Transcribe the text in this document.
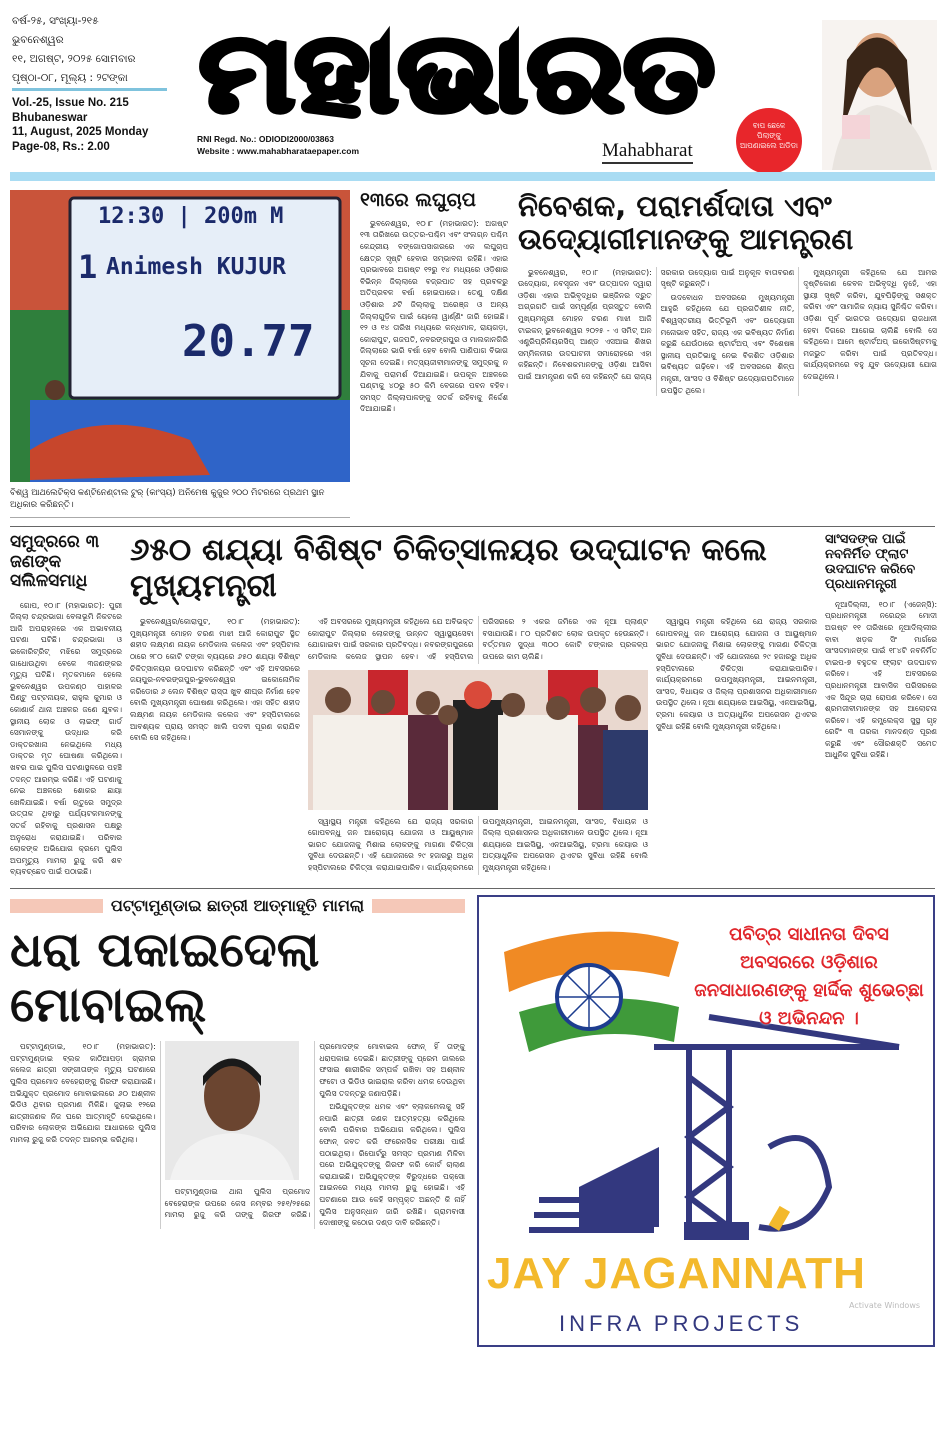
ବର୍ଷ-୨୫, ସଂଖ୍ୟା-୨୧୫
ଭୁବନେଶ୍ୱର
୧୧, ଅଗଷ୍ଟ, ୨୦୨୫ ସୋମବାର
ପୃଷ୍ଠା-୦୮, ମୂଲ୍ୟ : ୨ଟଙ୍କା
Vol.-25, Issue No. 215
Bhubaneswar
11, August, 2025 Monday
Page-08, Rs.: 2.00
ମହାଭାରତ
RNI Regd. No.: ODIODI2000/03863
Website : www.mahabharataepaper.com	Mahabharat
ବାପ ଛେଳେ ପିଲାଙ୍କୁ ଆପଣାଇଲେ ଅଡିଡା
12:30 | 200m M
1 Animesh KUJUR
20.77
ବିଶ୍ୱ ଆଥଲେଟିକ୍ସ କଣ୍ଟିନେଣ୍ଟାଲ ଟୁର୍ (କାଂସ୍ୟ) ଅନିମେଷ କୁଜୁର ୨୦୦ ମିଟରରେ ପ୍ରଥମ ସ୍ଥାନ ଅଧିକାର କରିଛନ୍ତି।
୧୩ରେ ଲଘୁଚାପ

ଭୁବନେଶ୍ୱର, ୧୦।୮ (ମହାଭାରତ): ଅଗଷ୍ଟ ୧୩ ତାରିଖରେ ଉତ୍ତର-ପଶ୍ଚିମ ଏବଂ ସଂଲଗ୍ନ ପଶ୍ଚିମ କେନ୍ଦ୍ରୀୟ ବଙ୍ଗୋପସାଗରରେ ଏକ ଲଘୁଚାପ କ୍ଷେତ୍ର ସୃଷ୍ଟି ହେବାର ସମ୍ଭାବନା ରହିଛି। ଏହାର ପ୍ରଭାବରେ ଅଗଷ୍ଟ ୧୨ରୁ ୧୪ ମଧ୍ୟରେ ଓଡ଼ିଶାର ବିଭିନ୍ନ ଜିଲ୍ଲାରେ ବଜ୍ରପାତ ସହ ପ୍ରବଳରୁ ଅତିପ୍ରବଳ ବର୍ଷା ହୋଇପାରେ। ତେଣୁ ଦକ୍ଷିଣ ଓଡ଼ିଶାର ୬ଟି ଜିଲ୍ଲାକୁ ଅରେଞ୍ଜ ଓ ଅନ୍ୟ ଜିଲ୍ଲାଗୁଡ଼ିକ ପାଇଁ ୟେଲୋ ୱାର୍ଣ୍ଣିଂ ଜାରି ହୋଇଛି। ୧୨ ଓ ୧୪ ତାରିଖ ମଧ୍ୟରେ କନ୍ଧମାଳ, ରାୟଗଡ଼ା, କୋରାପୁଟ, ଗଜପତି, ନବରଙ୍ଗପୁର ଓ ମାଲକାନଗିରି ଜିଲ୍ଲାରେ ଭାରି ବର୍ଷା ହେବ ବୋଲି ପାଣିପାଗ ବିଭାଗ ସୂଚନା ଦେଇଛି। ମତ୍ସ୍ୟଜୀବୀମାନଙ୍କୁ ସମୁଦ୍ରକୁ ନ ଯିବାକୁ ପରାମର୍ଶ ଦିଆଯାଇଛି। ଉପକୂଳ ଅଞ୍ଚଳରେ ଘଣ୍ଟାକୁ ୪୦ରୁ ୫୦ କିମି ବେଗରେ ପବନ ବହିବ। ସମସ୍ତ ଜିଲ୍ଲାପାଳଙ୍କୁ ସତର୍କ ରହିବାକୁ ନିର୍ଦ୍ଦେଶ ଦିଆଯାଇଛି।

ନିବେଶକ, ପରାମର୍ଶଦାତା ଏବଂ ଉଦ୍ୟୋଗୀମାନଙ୍କୁ ଆମନ୍ତ୍ରଣ

ଭୁବନେଶ୍ୱର, ୧୦।୮ (ମହାଭାରତ): ଉଦ୍ୟୋଗ, ନବସୃଜନ ଏବଂ ଉତ୍ପାଦନ ଦ୍ୱାରା ଓଡ଼ିଶା ଏହାର ଅଭିବୃଦ୍ଧିର ଇଞ୍ଜିନର ଦ୍ରୁତ ଅଗ୍ରଗତି ପାଇଁ ସମ୍ପୂର୍ଣ୍ଣ ପ୍ରସ୍ତୁତ ବୋଲି ମୁଖ୍ୟମନ୍ତ୍ରୀ ମୋହନ ଚରଣ ମାଝୀ ଆଜି ଟାଇକନ୍ ଭୁବନେଶ୍ୱର ୨୦୨୫ - ଏ ସମିଟ୍ ଅନ ଏଣ୍ଟ୍ରିପ୍ରିନିୟରସିପ୍ ଆଣ୍ଡ ଏସଆଇ ଶିଖର ସମ୍ମିଳନୀର ଉଦଘାଟନୀ ସମାରୋହରେ ଏହା କହିଛନ୍ତି। ନିବେଶକମାନଙ୍କୁ ଓଡ଼ିଶା ଆସିବା ପାଇଁ ଆମନ୍ତ୍ରଣ କରି ସେ କହିଛନ୍ତି ଯେ ରାଜ୍ୟ ସରକାର ଉଦ୍ୟୋଗ ପାଇଁ ଅନୁକୂଳ ବାତାବରଣ ସୃଷ୍ଟି କରୁଛନ୍ତି।

ଉଦବୋଧନ ଅବସରରେ ମୁଖ୍ୟମନ୍ତ୍ରୀ ଆହୁରି କହିଥିଲେ ଯେ ପ୍ରଗତିଶୀଳ ନୀତି, ବିଶ୍ୱସ୍ତରୀୟ ଭିତ୍ତିଭୂମି ଏବଂ ଉଦ୍ୟୋଗୀ ମନୋଭାବ ସହିତ, ରାଜ୍ୟ ଏକ ଭବିଷ୍ୟତ ନିର୍ମାଣ କରୁଛି ଯେଉଁଠାରେ ଷ୍ଟାର୍ଟଅପ୍ ଏବଂ ବିଶେଷଜ୍ଞ ସ୍ଥାନୀୟ ପ୍ରତିଭାକୁ ନେଇ ବିକଶିତ ଓଡ଼ିଶାର ଭବିଷ୍ୟତ ଗଢ଼ିବେ। ଏହି ଅବସରରେ ଶିଳ୍ପ ମନ୍ତ୍ରୀ, ସାଂସଦ ଓ ବିଶିଷ୍ଟ ଉଦ୍ୟୋଗପତିମାନେ ଉପସ୍ଥିତ ଥିଲେ।

ମୁଖ୍ୟମନ୍ତ୍ରୀ କହିଥିଲେ ଯେ ଆମର ଦୃଷ୍ଟିକୋଣ କେବଳ ଅଭିବୃଦ୍ଧି ନୁହେଁ, ଏହା ସ୍ଥାୟୀ ସୃଷ୍ଟି କରିବା, ଯୁବପିଢ଼ିଙ୍କୁ ସଶକ୍ତ କରିବା ଏବଂ ସାମାଜିକ ନ୍ୟାୟ ସୁନିଶ୍ଚିତ କରିବା। ଓଡ଼ିଶା ପୂର୍ବ ଭାରତର ଉଦ୍ୟୋଗ ରାଜଧାନୀ ହେବା ଦିଗରେ ଆଗେଇ ଚାଲିଛି ବୋଲି ସେ କହିଥିଲେ। ଆମେ ଷ୍ଟାର୍ଟଅପ୍ ଇକୋସିଷ୍ଟମକୁ ମଜଭୁତ କରିବା ପାଇଁ ପ୍ରତିବଦ୍ଧ। କାର୍ଯ୍ୟକ୍ରମରେ ବହୁ ଯୁବ ଉଦ୍ୟୋଗୀ ଯୋଗ ଦେଇଥିଲେ।

ସମୁଦ୍ରରେ ୩ ଜଣଙ୍କ ସଲିଳସମାଧି

ଗୋପ, ୧୦।୮ (ମହାଭାରତ): ପୁରୀ ଜିଲ୍ଲା ଚନ୍ଦ୍ରଭାଗା ବେଳାଭୂମି ନିକଟରେ ଆଜି ଅପରାହ୍ନରେ ଏକ ଅଭାବନୀୟ ଘଟଣା ଘଟିଛି। ଚନ୍ଦ୍ରଭାଗା ଓ ଇକୋରିଟ୍ରିଟ୍ ମଝିରେ ସମୁଦ୍ରରେ ଗାଧୋଉଥିବା ବେଳେ ୩ଜଣଙ୍କର ମୃତ୍ୟୁ ଘଟିଛି। ମୃତକମାନେ ହେଲେ ଭୁବନେଶ୍ୱର ଉପକଣ୍ଠ ପାହାଳର ପିଣ୍ଟୁ ପଟ୍ଟନାୟକ, ରାହୁଲ କୁମାର ଓ କୋଣାର୍କ ଥାନା ଅଞ୍ଚଳର ଜଣେ ଯୁବକ। ସ୍ଥାନୀୟ ଲୋକ ଓ ଲାଇଫ୍ ଗାର୍ଡ ସେମାନଙ୍କୁ ଉଦ୍ଧାର କରି ଡାକ୍ତରଖାନା ନେଇଥିଲେ ମଧ୍ୟ ଡାକ୍ତର ମୃତ ଘୋଷଣା କରିଥିଲେ। ଖବର ପାଇ ପୁଲିସ ଘଟଣାସ୍ଥଳରେ ପହଞ୍ଚି ତଦନ୍ତ ଆରମ୍ଭ କରିଛି। ଏହି ଘଟଣାକୁ ନେଇ ଅଞ୍ଚଳରେ ଶୋକର ଛାୟା ଖେଳିଯାଇଛି। ବର୍ଷା ଋତୁରେ ସମୁଦ୍ର ଉତ୍ତାଳ ଥିବାରୁ ପର୍ଯ୍ୟଟକମାନଙ୍କୁ ସତର୍କ ରହିବାକୁ ପ୍ରଶାସନ ପକ୍ଷରୁ ଅନୁରୋଧ କରାଯାଇଛି। ପରିବାର ଲୋକଙ୍କ ଅଭିଯୋଗ କ୍ରମେ ପୁଲିସ ଅପମୃତ୍ୟୁ ମାମଲା ରୁଜୁ କରି ଶବ ବ୍ୟବଚ୍ଛେଦ ପାଇଁ ପଠାଇଛି।

୬୫୦ ଶଯ୍ୟା ବିଶିଷ୍ଟ ଚିକିତ୍ସାଳୟର ଉଦ୍‌ଘାଟନ କଲେ ମୁଖ୍ୟମନ୍ତ୍ରୀ

ଭୁବନେଶ୍ୱର/କୋରାପୁଟ, ୧୦।୮ (ମହାଭାରତ): ମୁଖ୍ୟମନ୍ତ୍ରୀ ମୋହନ ଚରଣ ମାଝୀ ଆଜି କୋରାପୁଟ ସ୍ଥିତ ଶହୀଦ ଲକ୍ଷ୍ମଣ ନାୟକ ମେଡିକାଲ କଲେଜ ଏବଂ ହସ୍ପିଟାଲ ଠାରେ ୨୮୦ କୋଟି ଟଙ୍କା ବ୍ୟୟରେ ୬୫୦ ଶଯ୍ୟା ବିଶିଷ୍ଟ ଚିକିତ୍ସାଳୟର ଉଦଘାଟନ କରିଛନ୍ତି ଏବଂ ଏହି ଅବସରରେ ଜୟପୁର-ନବରଙ୍ଗପୁର-ଭୁବନେଶ୍ୱର ଇକୋନୋମିକ କରିଡୋର ୬ ଲେନ ବିଶିଷ୍ଟ ରାସ୍ତା ଖୁବ ଶୀଘ୍ର ନିର୍ମାଣ ହେବ ବୋଲି ମୁଖ୍ୟମନ୍ତ୍ରୀ ଘୋଷଣା କରିଥିଲେ। ଏହା ସହିତ ଶହୀଦ ଲକ୍ଷ୍ମଣ ନାୟକ ମେଡିକାଲ କଲେଜ ଏବଂ ହସ୍ପିଟାଲରେ ଆବଶ୍ୟକ ପ୍ରାୟ ସମସ୍ତ ଖାଲି ପଦବୀ ପୂରଣ କରାଯିବ ବୋଲି ସେ କହିଥିଲେ।

ଏହି ଅବସରରେ ମୁଖ୍ୟମନ୍ତ୍ରୀ କହିଥିଲେ ଯେ ଅବିଭକ୍ତ କୋରାପୁଟ ଜିଲ୍ଲାର ଲୋକଙ୍କୁ ଉନ୍ନତ ସ୍ୱାସ୍ଥ୍ୟସେବା ଯୋଗାଇବା ପାଇଁ ସରକାର ପ୍ରତିବଦ୍ଧ। ନବରଙ୍ଗପୁରରେ ମେଡିକାଲ କଲେଜ ସ୍ଥାପନ ହେବ। ଏହି ହସ୍ପିଟାଲ ପରିସରରେ ୨ ଏକର ଜମିରେ ଏକ ନୂଆ ପ୍ଲାଣ୍ଟ ବସାଯାଉଛି। ୮୦ ପ୍ରତିଶତ ଲୋକ ଉପକୃତ ହେଉଛନ୍ତି। ବର୍ତ୍ତମାନ ସୁଦ୍ଧା ୩୦୦ କୋଟି ଟଙ୍କାର ପ୍ରକଳ୍ପ ଉପରେ କାମ ଚାଲିଛି।

ସ୍ୱାସ୍ଥ୍ୟ ମନ୍ତ୍ରୀ କହିଥିଲେ ଯେ ରାଜ୍ୟ ସରକାର ଗୋପବନ୍ଧୁ ଜନ ଆରୋଗ୍ୟ ଯୋଜନା ଓ ଆୟୁଷ୍ମାନ ଭାରତ ଯୋଜନାକୁ ମିଶାଇ ଲୋକଙ୍କୁ ମାଗଣା ଚିକିତ୍ସା ସୁବିଧା ଦେଉଛନ୍ତି। ଏହି ଯୋଜନାରେ ୨୯ ହଜାରରୁ ଅଧିକ ହସ୍ପିଟାଲରେ ଚିକିତ୍ସା କରାଯାଇପାରିବ। କାର୍ଯ୍ୟକ୍ରମରେ ଉପମୁଖ୍ୟମନ୍ତ୍ରୀ, ଆଇନମନ୍ତ୍ରୀ, ସାଂସଦ, ବିଧାୟକ ଓ ଜିଲ୍ଲା ପ୍ରଶାସନର ଅଧିକାରୀମାନେ ଉପସ୍ଥିତ ଥିଲେ। ନୂଆ ଶଯ୍ୟାରେ ଆଇସିୟୁ, ଏନଆଇସିୟୁ, ଟ୍ରମା କେୟାର ଓ ଅତ୍ୟାଧୁନିକ ଅପରେସନ ଥିଏଟର ସୁବିଧା ରହିଛି ବୋଲି ମୁଖ୍ୟମନ୍ତ୍ରୀ କହିଥିଲେ।

ସ୍ୱାସ୍ଥ୍ୟ ମନ୍ତ୍ରୀ କହିଥିଲେ ଯେ ରାଜ୍ୟ ସରକାର ଗୋପବନ୍ଧୁ ଜନ ଆରୋଗ୍ୟ ଯୋଜନା ଓ ଆୟୁଷ୍ମାନ ଭାରତ ଯୋଜନାକୁ ମିଶାଇ ଲୋକଙ୍କୁ ମାଗଣା ଚିକିତ୍ସା ସୁବିଧା ଦେଉଛନ୍ତି। ଏହି ଯୋଜନାରେ ୨୯ ହଜାରରୁ ଅଧିକ ହସ୍ପିଟାଲରେ ଚିକିତ୍ସା କରାଯାଇପାରିବ। କାର୍ଯ୍ୟକ୍ରମରେ ଉପମୁଖ୍ୟମନ୍ତ୍ରୀ, ଆଇନମନ୍ତ୍ରୀ, ସାଂସଦ, ବିଧାୟକ ଓ ଜିଲ୍ଲା ପ୍ରଶାସନର ଅଧିକାରୀମାନେ ଉପସ୍ଥିତ ଥିଲେ। ନୂଆ ଶଯ୍ୟାରେ ଆଇସିୟୁ, ଏନଆଇସିୟୁ, ଟ୍ରମା କେୟାର ଓ ଅତ୍ୟାଧୁନିକ ଅପରେସନ ଥିଏଟର ସୁବିଧା ରହିଛି ବୋଲି ମୁଖ୍ୟମନ୍ତ୍ରୀ କହିଥିଲେ।

ସାଂସଦଙ୍କ ପାଇଁ ନବନିର୍ମିତ ଫ୍ଲାଟ ଉଦଘାଟନ କରିବେ ପ୍ରଧାନମନ୍ତ୍ରୀ

ନୂଆଦିଲ୍ଲୀ, ୧୦।୮ (ଏଜେନ୍ସି): ପ୍ରଧାନମନ୍ତ୍ରୀ ନରେନ୍ଦ୍ର ମୋଦୀ ଅଗଷ୍ଟ ୧୧ ତାରିଖରେ ନୂଆଦିଲ୍ଲୀର ବାବା ଖଡ଼କ ସିଂ ମାର୍ଗରେ ସାଂସଦମାନଙ୍କ ପାଇଁ ୧୮୪ଟି ନବନିର୍ମିତ ଟାଇପ-୭ ବହୁତଳ ଫ୍ଲାଟ ଉଦଘାଟନ କରିବେ। ଏହି ଅବସରରେ ପ୍ରଧାନମନ୍ତ୍ରୀ ଆବାସିକ ପରିସରରେ ଏକ ସିନ୍ଦୂର ଚାରା ରୋପଣ କରିବେ। ସେ ଶ୍ରମଜୀବୀମାନଙ୍କ ସହ ଆଲୋଚନା କରିବେ। ଏହି କମ୍ପ୍ଲେକ୍ସ ସୁସ୍ଥ ଗୃହ ରେଟିଂ ୩ ତାରକା ମାନଦଣ୍ଡ ପୂରଣ କରୁଛି ଏବଂ ସୌରଶକ୍ତି ସମେତ ଆଧୁନିକ ସୁବିଧା ରହିଛି।

ପଟ୍ଟାମୁଣ୍ଡାଇ ଛାତ୍ରୀ ଆତ୍ମାହୂତି ମାମଲା
ଧରା ପକାଇଦେଲା ମୋବାଇଲ୍

ପଟ୍ଟାମୁଣ୍ଡାଇ, ୧୦।୮ (ମହାଭାରତ): ପଟ୍ଟାମୁଣ୍ଡାଇ ବ୍ଲକ କାଠିଆପଡ଼ା ଗ୍ରାମର କଲେଜ ଛାତ୍ରୀ ସଙ୍ଗୀତାଙ୍କ ମୃତ୍ୟୁ ଘଟଣାରେ ପୁଲିସ ପ୍ରମୋଦ ବେହେରାଙ୍କୁ ଗିରଫ କରାଯାଇଛି। ଅଭିଯୁକ୍ତ ପ୍ରମୋଦ ମୋବାଇଲରେ ୬୦ ଅଶ୍ଳୀଳ ଭିଡିଓ ଥିବାର ପ୍ରମାଣ ମିଳିଛି। ଜୁଲାଇ ୧୨ରେ ଛାତ୍ରୀଜଣକ ନିଜ ଘରେ ଆତ୍ମାହୂତି ଦେଇଥିଲେ। ପରିବାର ଲୋକଙ୍କ ଅଭିଯୋଗ ଆଧାରରେ ପୁଲିସ ମାମଲା ରୁଜୁ କରି ତଦନ୍ତ ଆରମ୍ଭ କରିଥିଲା।

ପଟ୍ଟାମୁଣ୍ଡାଇ ଥାନା ପୁଲିସ ପ୍ରମୋଦ ବେହେରାଙ୍କ ଉପରେ କେସ ନମ୍ବର ୨୫୧/୨୫ରେ ମାମଲା ରୁଜୁ କରି ତାଙ୍କୁ ଗିରଫ କରିଛି। ପ୍ରମୋଦଙ୍କ ମୋବାଇଲ ଫୋନ୍ ହିଁ ତାଙ୍କୁ ଧରାପକାଇ ଦେଇଛି। ଛାତ୍ରୀଙ୍କୁ ପ୍ରେମ ଜାଲରେ ଫସାଇ ଶାରୀରିକ ସମ୍ପର୍କ ରଖିବା ସହ ଅଶ୍ଳୀଳ ଫଟୋ ଓ ଭିଡିଓ ଭାଇରାଲ କରିବା ଧମକ ଦେଉଥିବା ପୁଲିସ ତଦନ୍ତରୁ ଜଣାପଡ଼ିଛି।

ଅଭିଯୁକ୍ତଙ୍କ ଧମକ ଏବଂ ବ୍ଲାକମେଲକୁ ସହି ନପାରି ଛାତ୍ରୀ ଜଣକ ଆତ୍ମହତ୍ୟା କରିଥିଲେ ବୋଲି ପରିବାର ଅଭିଯୋଗ କରିଥିଲେ। ପୁଲିସ ଫୋନ୍ ଜବତ କରି ଫରେନସିକ ପରୀକ୍ଷା ପାଇଁ ପଠାଇଥିଲା। ରିପୋର୍ଟରୁ ସମସ୍ତ ପ୍ରମାଣ ମିଳିବା ପରେ ଅଭିଯୁକ୍ତଙ୍କୁ ଗିରଫ କରି କୋର୍ଟ ଚାଲାଣ କରାଯାଇଛି। ଅଭିଯୁକ୍ତଙ୍କ ବିରୁଦ୍ଧରେ ପକ୍ସୋ ଆଇନରେ ମଧ୍ୟ ମାମଲା ରୁଜୁ ହୋଇଛି। ଏହି ଘଟଣାରେ ଆଉ କେହି ସମ୍ପୃକ୍ତ ଅଛନ୍ତି କି ନାହିଁ ପୁଲିସ ଅନୁସନ୍ଧାନ ଜାରି ରଖିଛି। ଗ୍ରାମବାସୀ ଦୋଷୀଙ୍କୁ କଠୋର ଦଣ୍ଡ ଦାବି କରିଛନ୍ତି।

ପବିତ୍ର ସାଧୀନତା ଦିବସ ଅବସରରେ ଓଡ଼ିଶାର ଜନସାଧାରଣଙ୍କୁ ହାର୍ଦ୍ଦିକ ଶୁଭେଚ୍ଛା ଓ ଅଭିନନ୍ଦନ ।
JAY JAGANNATH
INFRA PROJECTS
Activate Windows
